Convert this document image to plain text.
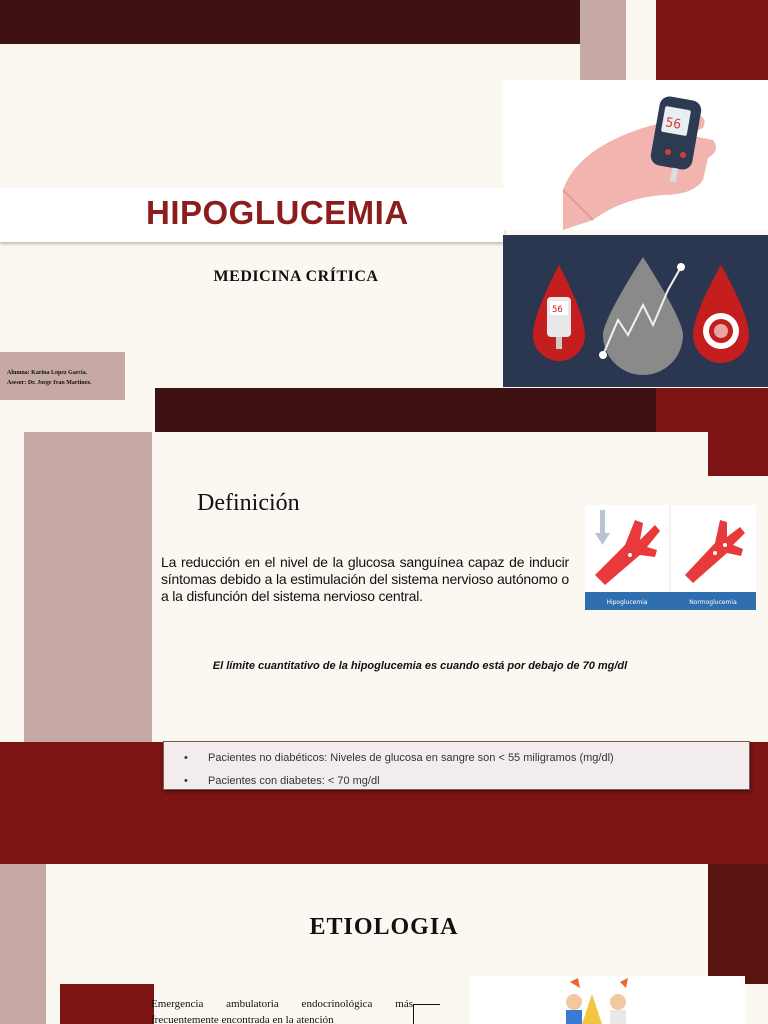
HIPOGLUCEMIA
MEDICINA CRÍTICA
Alumna: Karina Lopez Garcia.
Asesor: Dr. Jorge Ivan Martinez.
56
56
Definición
La reducción en el nivel de la glucosa sanguínea capaz de inducir síntomas debido a la estimulación del sistema nervioso autónomo o a la disfunción del sistema nervioso central.	Hipoglucemia	Normoglucemia
El límite cuantitativo de la hipoglucemia es cuando está por debajo de 70 mg/dl
• Pacientes no diabéticos: Niveles de glucosa en sangre son < 55 miligramos (mg/dl)
• Pacientes con diabetes: < 70 mg/dl
ETIOLOGIA
Emergencia ambulatoria endocrinológica más frecuentemente encontrada en la atención
